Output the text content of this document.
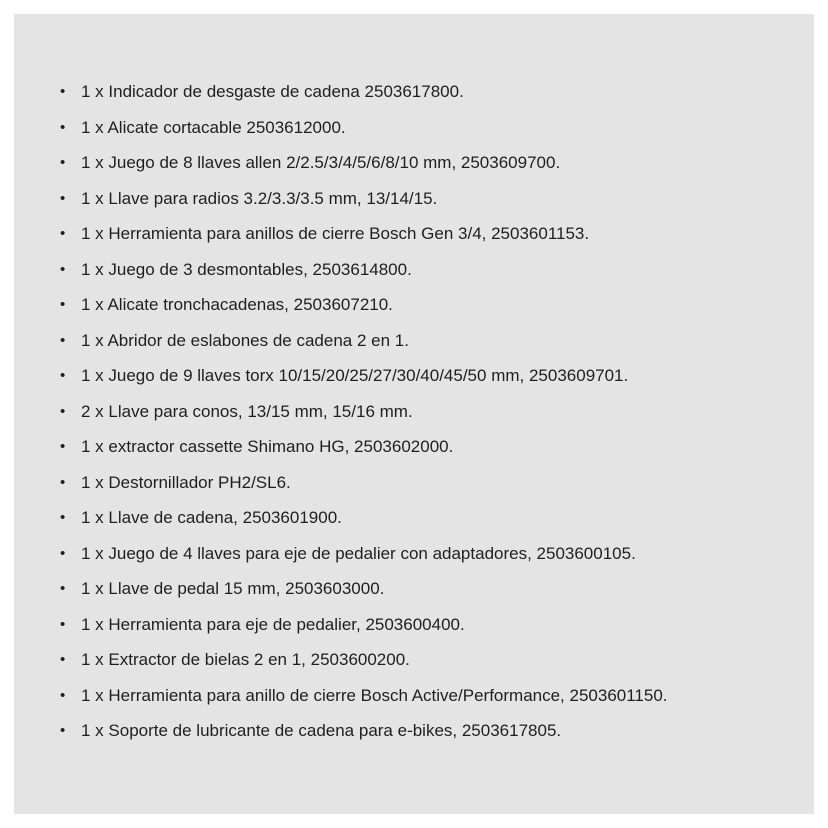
• 1 x Indicador de desgaste de cadena 2503617800.
• 1 x Alicate cortacable 2503612000.
• 1 x Juego de 8 llaves allen 2/2.5/3/4/5/6/8/10 mm, 2503609700.
• 1 x Llave para radios 3.2/3.3/3.5 mm, 13/14/15.
• 1 x Herramienta para anillos de cierre Bosch Gen 3/4, 2503601153.
• 1 x Juego de 3 desmontables, 2503614800.
• 1 x Alicate tronchacadenas, 2503607210.
• 1 x Abridor de eslabones de cadena 2 en 1.
• 1 x Juego de 9 llaves torx 10/15/20/25/27/30/40/45/50 mm, 2503609701.
• 2 x Llave para conos, 13/15 mm, 15/16 mm.
• 1 x extractor cassette Shimano HG, 2503602000.
• 1 x Destornillador PH2/SL6.
• 1 x Llave de cadena, 2503601900.
• 1 x Juego de 4 llaves para eje de pedalier con adaptadores, 2503600105.
• 1 x Llave de pedal 15 mm, 2503603000.
• 1 x Herramienta para eje de pedalier, 2503600400.
• 1 x Extractor de bielas 2 en 1, 2503600200.
• 1 x Herramienta para anillo de cierre Bosch Active/Performance, 2503601150.
• 1 x Soporte de lubricante de cadena para e-bikes, 2503617805.
